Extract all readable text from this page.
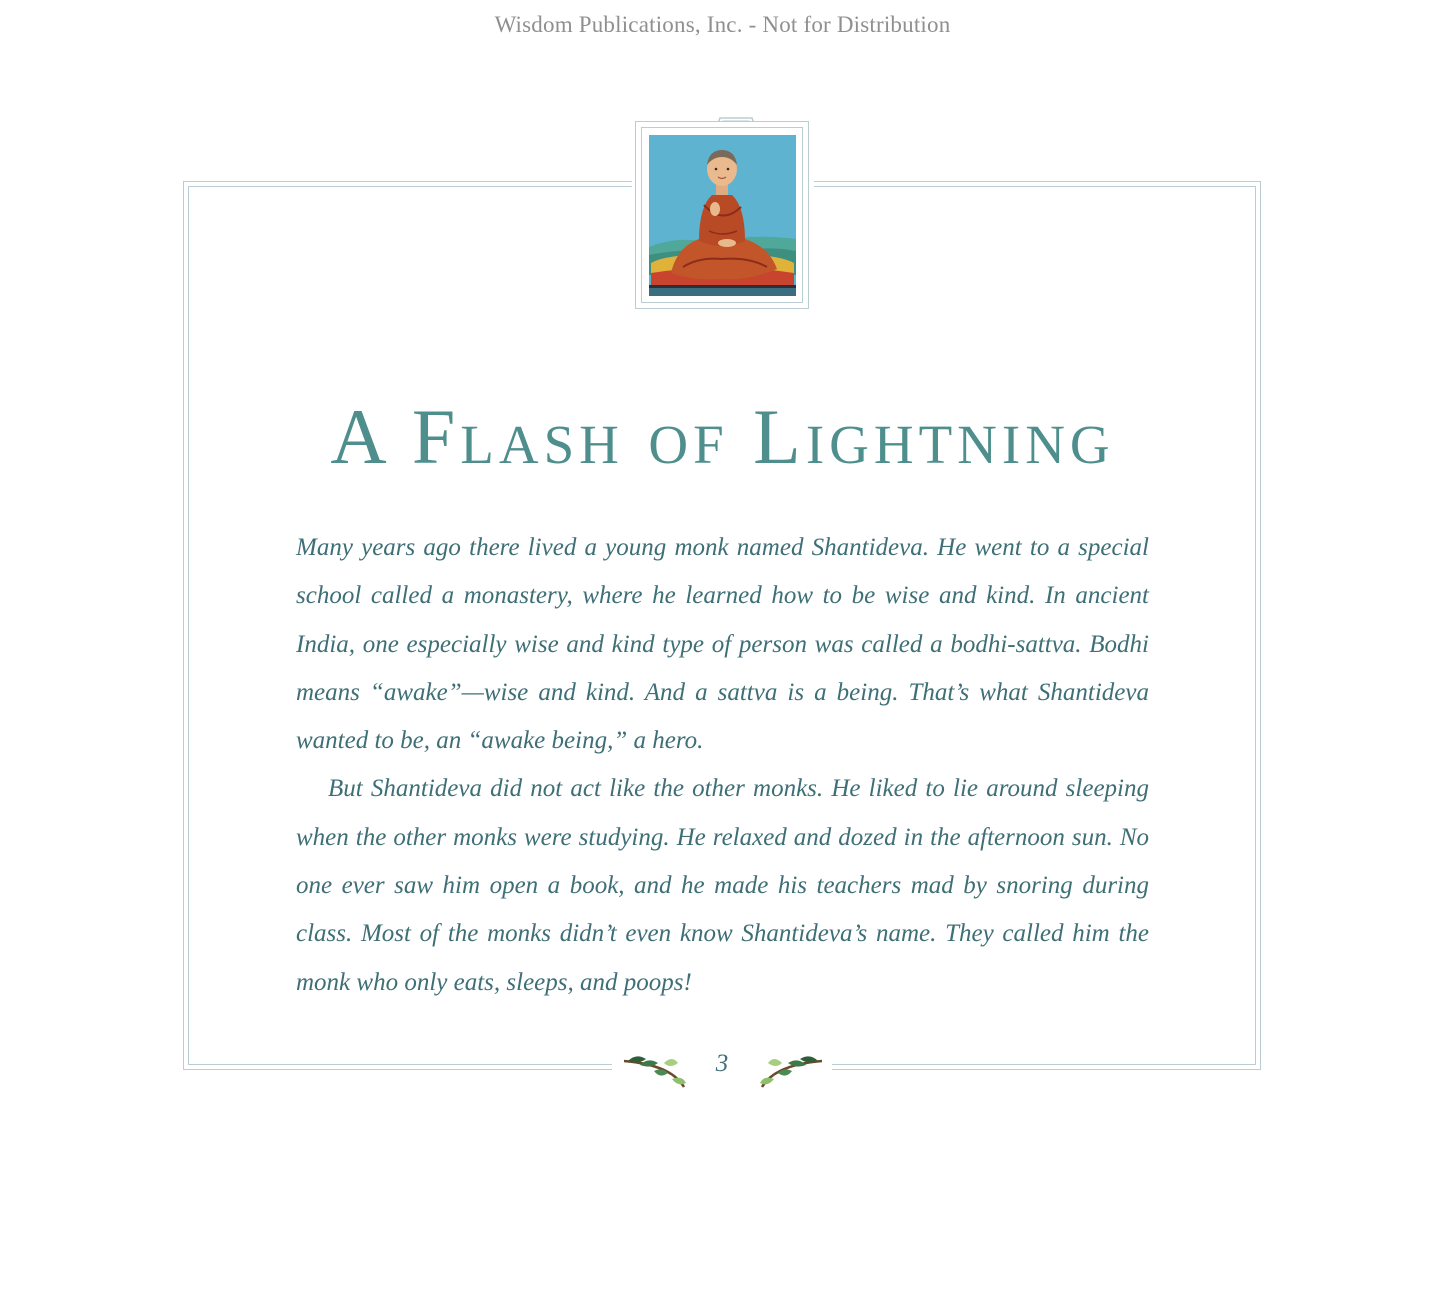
Wisdom Publications, Inc. - Not for Distribution
A Flash of Lightning

Many years ago there lived a young monk named Shantideva. He went to a special school called a monastery, where he learned how to be wise and kind. In ancient India, one especially wise and kind type of person was called a bodhi-sattva. Bodhi means “awake”—wise and kind. And a sattva is a being. That’s what Shantideva wanted to be, an “awake being,” a hero.

But Shantideva did not act like the other monks. He liked to lie around sleeping when the other monks were studying. He relaxed and dozed in the afternoon sun. No one ever saw him open a book, and he made his teachers mad by snoring during class. Most of the monks didn’t even know Shantideva’s name. They called him the monk who only eats, sleeps, and poops!

3
